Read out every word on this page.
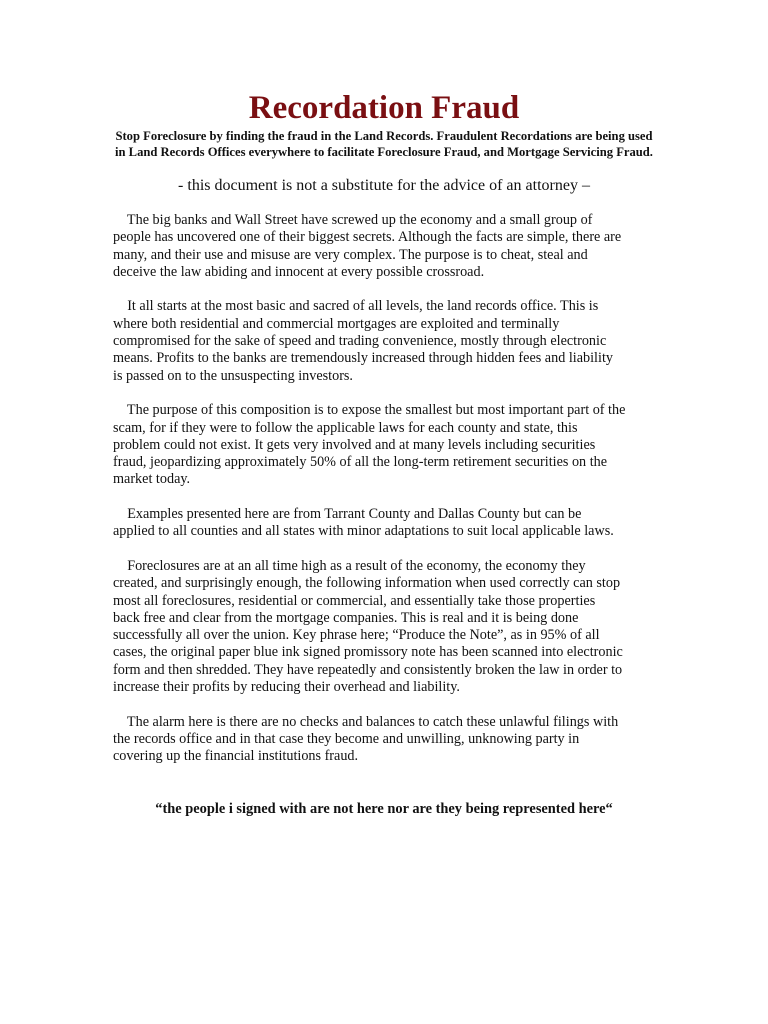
Recordation Fraud
Stop Foreclosure by finding the fraud in the Land Records. Fraudulent Recordations are being used
in Land Records Offices everywhere to facilitate Foreclosure Fraud, and Mortgage Servicing Fraud.
- this document is not a substitute for the advice of an attorney –

The big banks and Wall Street have screwed up the economy and a small group of
people has uncovered one of their biggest secrets. Although the facts are simple, there are
many, and their use and misuse are very complex. The purpose is to cheat, steal and
deceive the law abiding and innocent at every possible crossroad.

It all starts at the most basic and sacred of all levels, the land records office. This is
where both residential and commercial mortgages are exploited and terminally
compromised for the sake of speed and trading convenience, mostly through electronic
means. Profits to the banks are tremendously increased through hidden fees and liability
is passed on to the unsuspecting investors.

The purpose of this composition is to expose the smallest but most important part of the
scam, for if they were to follow the applicable laws for each county and state, this
problem could not exist. It gets very involved and at many levels including securities
fraud, jeopardizing approximately 50% of all the long-term retirement securities on the
market today.

Examples presented here are from Tarrant County and Dallas County but can be
applied to all counties and all states with minor adaptations to suit local applicable laws.

Foreclosures are at an all time high as a result of the economy, the economy they
created, and surprisingly enough, the following information when used correctly can stop
most all foreclosures, residential or commercial, and essentially take those properties
back free and clear from the mortgage companies. This is real and it is being done
successfully all over the union. Key phrase here; “Produce the Note”, as in 95% of all
cases, the original paper blue ink signed promissory note has been scanned into electronic
form and then shredded. They have repeatedly and consistently broken the law in order to
increase their profits by reducing their overhead and liability.

The alarm here is there are no checks and balances to catch these unlawful filings with
the records office and in that case they become and unwilling, unknowing party in
covering up the financial institutions fraud.

“the people i signed with are not here nor are they being represented here“
